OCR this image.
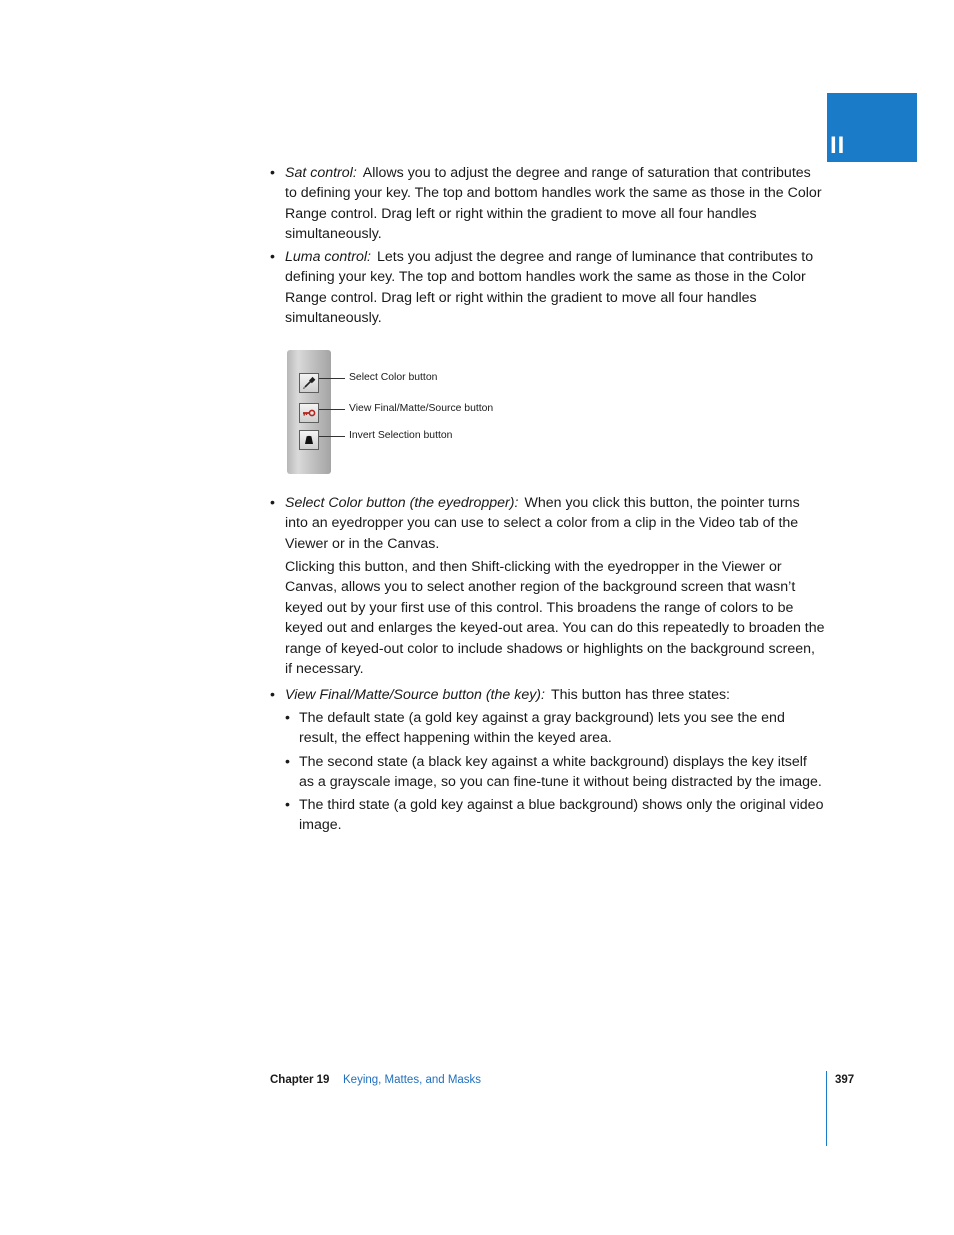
II
• Sat control: Allows you to adjust the degree and range of saturation that contributes to defining your key. The top and bottom handles work the same as those in the Color Range control. Drag left or right within the gradient to move all four handles simultaneously.
• Luma control: Lets you adjust the degree and range of luminance that contributes to defining your key. The top and bottom handles work the same as those in the Color Range control. Drag left or right within the gradient to move all four handles simultaneously.
Select Color button
View Final/Matte/Source button
Invert Selection button
• Select Color button (the eyedropper): When you click this button, the pointer turns into an eyedropper you can use to select a color from a clip in the Video tab of the Viewer or in the Canvas.
Clicking this button, and then Shift-clicking with the eyedropper in the Viewer or Canvas, allows you to select another region of the background screen that wasn’t keyed out by your first use of this control. This broadens the range of colors to be keyed out and enlarges the keyed-out area. You can do this repeatedly to broaden the range of keyed-out color to include shadows or highlights on the background screen, if necessary.
• View Final/Matte/Source button (the key): This button has three states:
• The default state (a gold key against a gray background) lets you see the end result, the effect happening within the keyed area.
• The second state (a black key against a white background) displays the key itself as a grayscale image, so you can fine-tune it without being distracted by the image.
• The third state (a gold key against a blue background) shows only the original video image.
Chapter 19 Keying, Mattes, and Masks	397
